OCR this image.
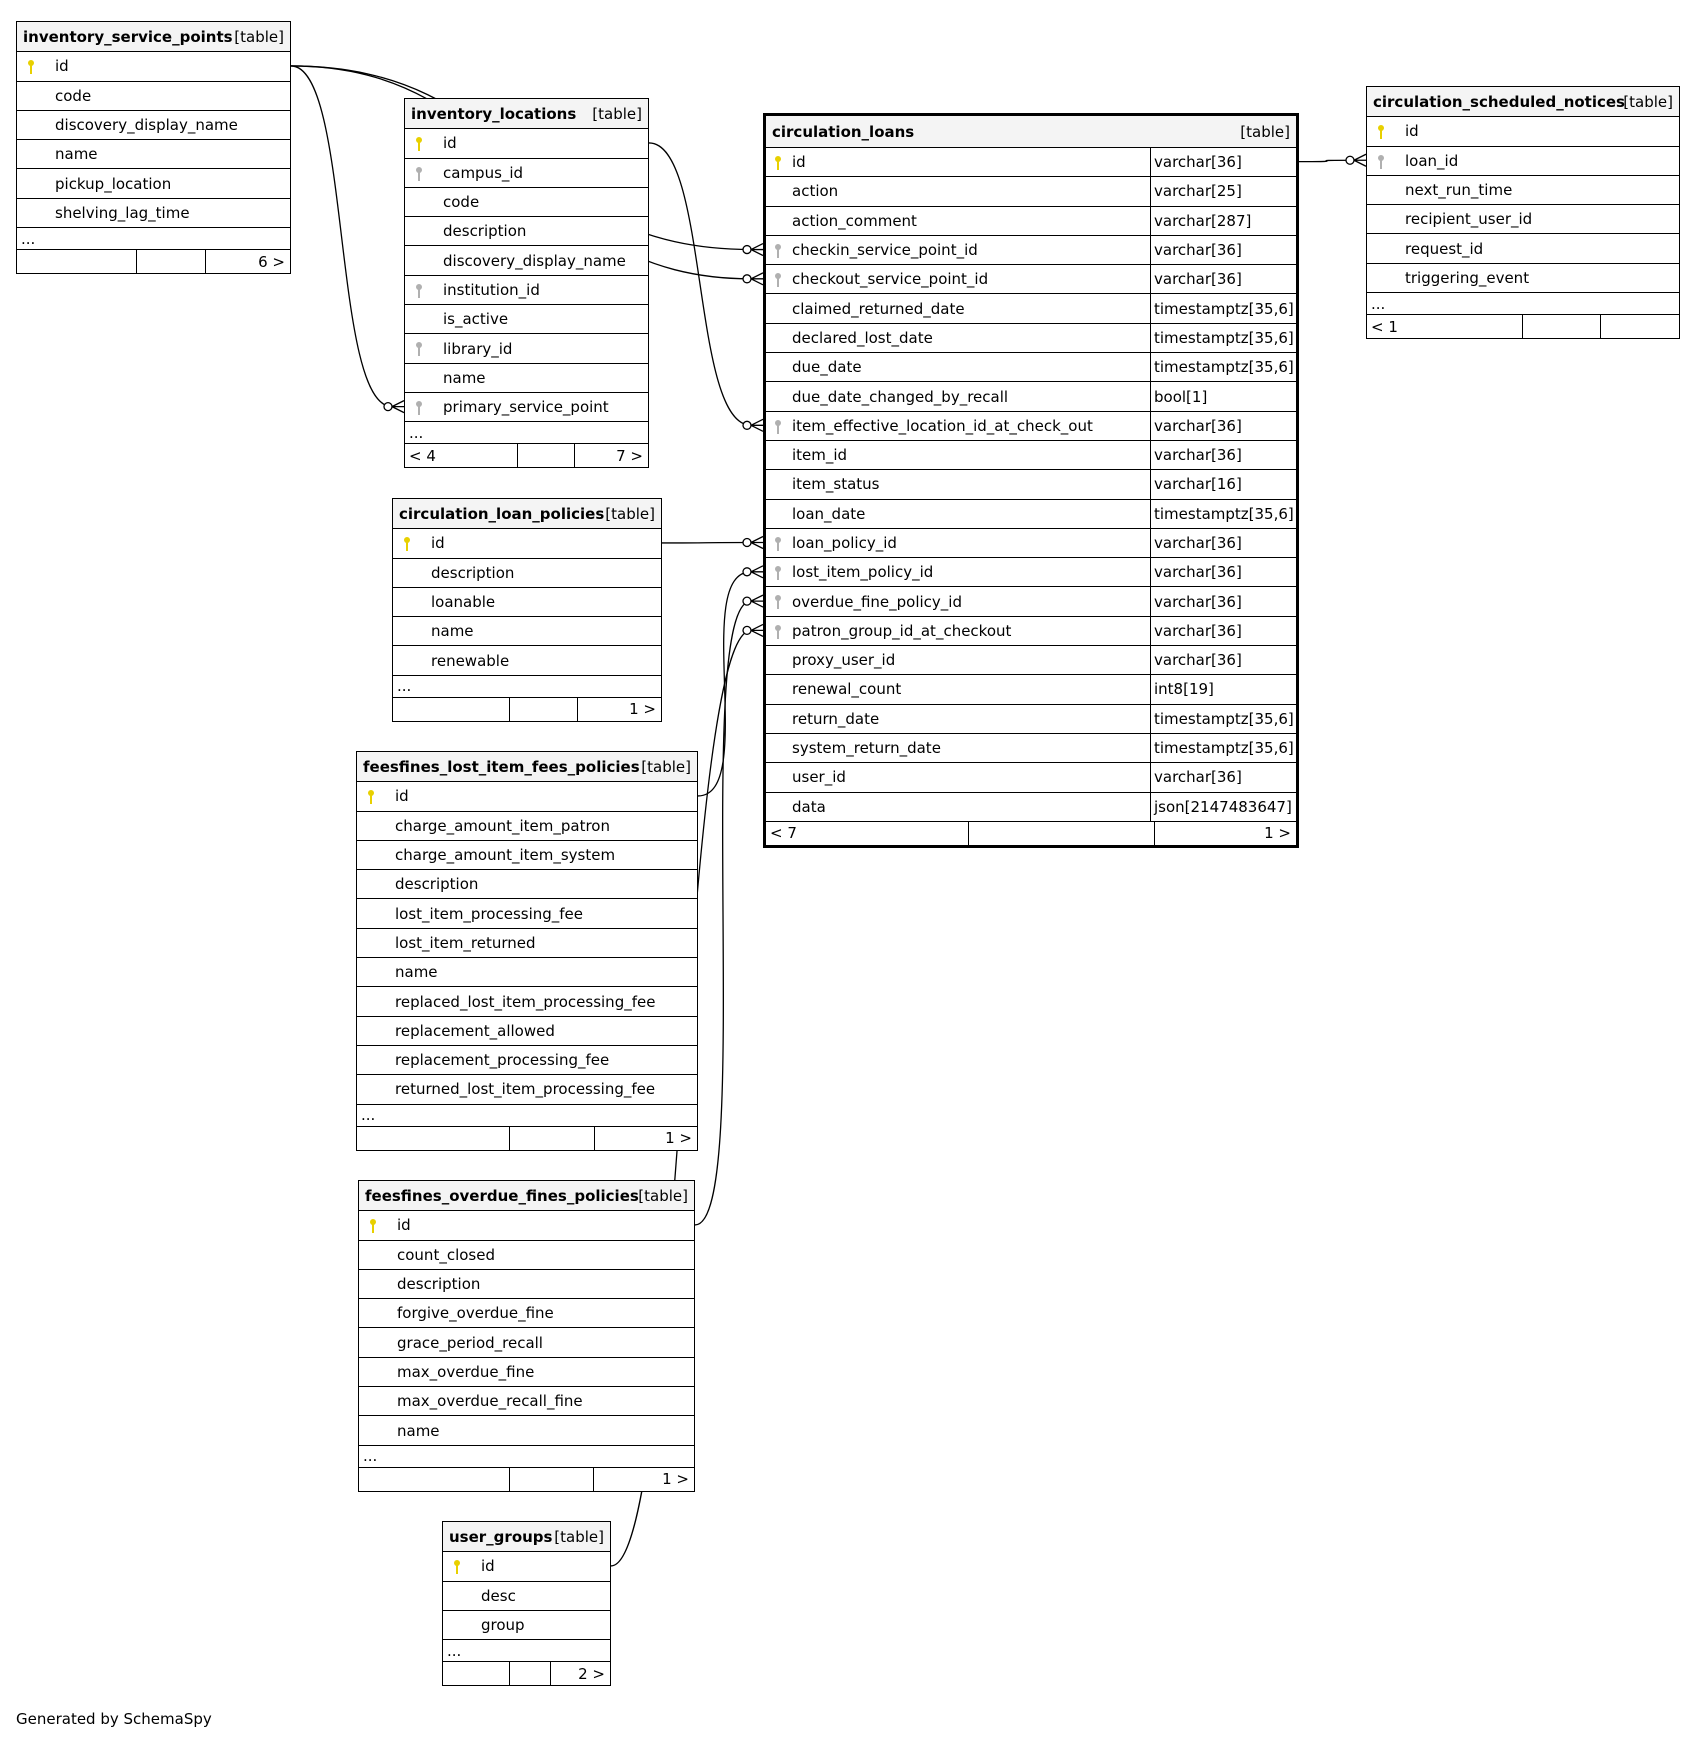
inventory_service_points [table]
id
code
discovery_display_name
name
pickup_location
shelving_lag_time
...
6 >
inventory_locations [table]
id
campus_id
code
description
discovery_display_name
institution_id
is_active
library_id
name
primary_service_point
...
< 4	7 >
circulation_loan_policies [table]
id
description
loanable
name
renewable
...
1 >
feesfines_lost_item_fees_policies [table]
id
charge_amount_item_patron
charge_amount_item_system
description
lost_item_processing_fee
lost_item_returned
name
replaced_lost_item_processing_fee
replacement_allowed
replacement_processing_fee
returned_lost_item_processing_fee
...
1 >
feesfines_overdue_fines_policies [table]
id
count_closed
description
forgive_overdue_fine
grace_period_recall
max_overdue_fine
max_overdue_recall_fine
name
...
1 >
user_groups [table]
id
desc
group
...
2 >
circulation_loans	[table]
id	varchar[36]
action	varchar[25]
action_comment	varchar[287]
checkin_service_point_id	varchar[36]
checkout_service_point_id	varchar[36]
claimed_returned_date	timestamptz[35,6]
declared_lost_date	timestamptz[35,6]
due_date	timestamptz[35,6]
due_date_changed_by_recall	bool[1]
item_effective_location_id_at_check_out	varchar[36]
item_id	varchar[36]
item_status	varchar[16]
loan_date	timestamptz[35,6]
loan_policy_id	varchar[36]
lost_item_policy_id	varchar[36]
overdue_fine_policy_id	varchar[36]
patron_group_id_at_checkout	varchar[36]
proxy_user_id	varchar[36]
renewal_count	int8[19]
return_date	timestamptz[35,6]
system_return_date	timestamptz[35,6]
user_id	varchar[36]
data	json[2147483647]
< 7	1 >
circulation_scheduled_notices
[table]
id
loan_id
next_run_time
recipient_user_id
request_id
triggering_event
...
< 1
Generated by SchemaSpy
